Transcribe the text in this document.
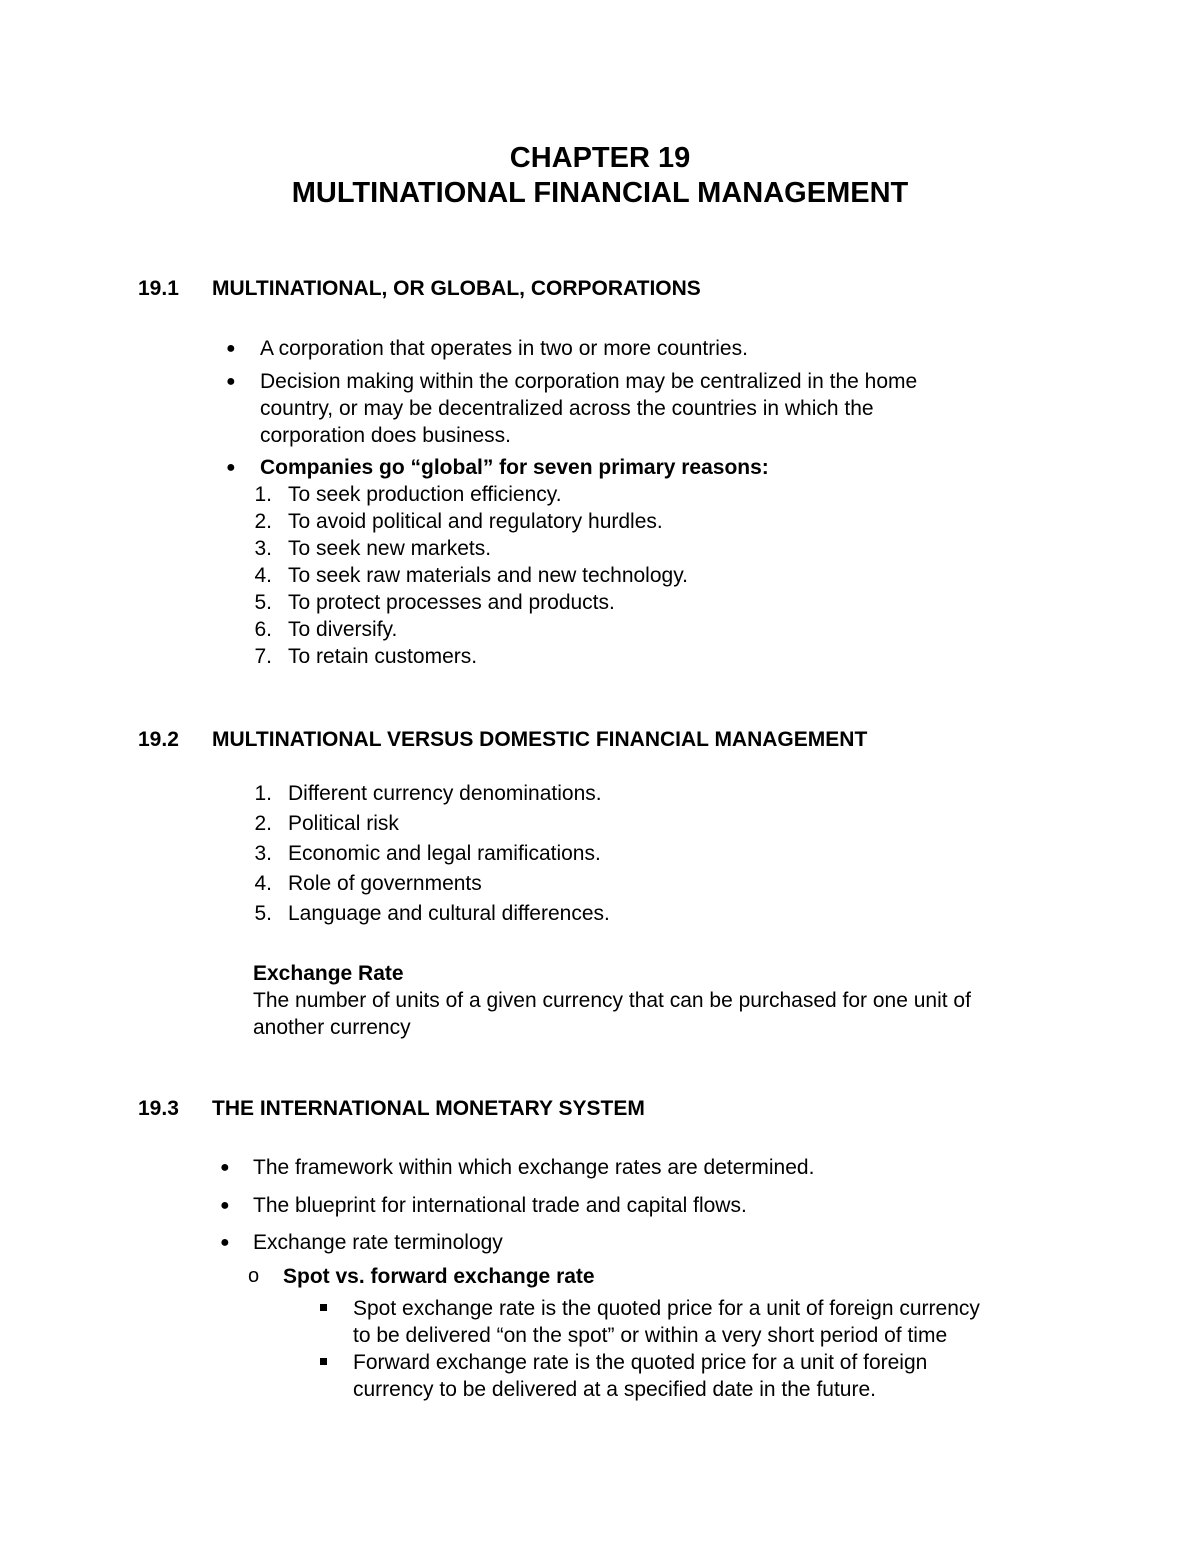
CHAPTER 19
MULTINATIONAL FINANCIAL MANAGEMENT
19.1 MULTINATIONAL, OR GLOBAL, CORPORATIONS
● A corporation that operates in two or more countries.
● Decision making within the corporation may be centralized in the home
country, or may be decentralized across the countries in which the
corporation does business.
● Companies go “global” for seven primary reasons:
1. To seek production efficiency.
2. To avoid political and regulatory hurdles.
3. To seek new markets.
4. To seek raw materials and new technology.
5. To protect processes and products.
6. To diversify.
7. To retain customers.
19.2 MULTINATIONAL VERSUS DOMESTIC FINANCIAL MANAGEMENT
1. Different currency denominations.
2. Political risk
3. Economic and legal ramifications.
4. Role of governments
5. Language and cultural differences.
Exchange Rate
The number of units of a given currency that can be purchased for one unit of
another currency
19.3 THE INTERNATIONAL MONETARY SYSTEM
● The framework within which exchange rates are determined.
● The blueprint for international trade and capital flows.
● Exchange rate terminology
o Spot vs. forward exchange rate
Spot exchange rate is the quoted price for a unit of foreign currency
to be delivered “on the spot” or within a very short period of time
Forward exchange rate is the quoted price for a unit of foreign
currency to be delivered at a specified date in the future.
